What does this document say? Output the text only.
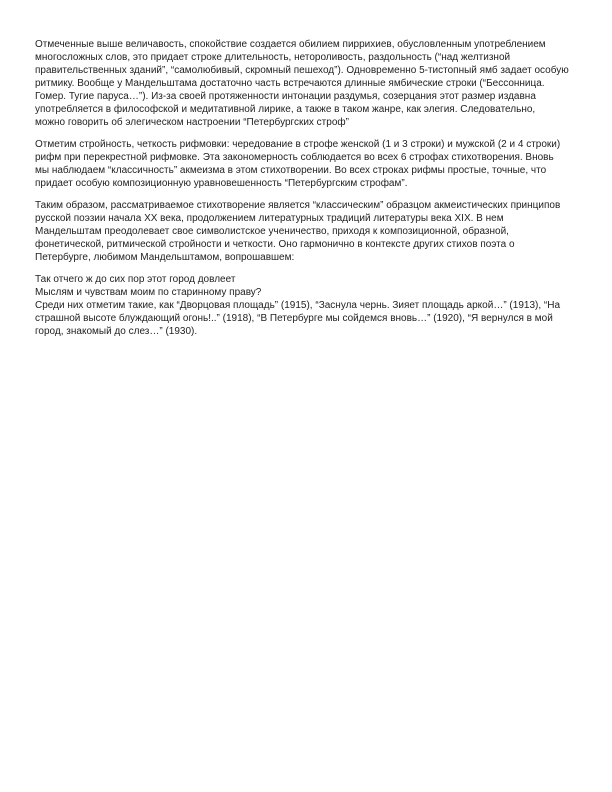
Отмеченные выше величавость, спокойствие создается обилием пиррихиев, обусловленным употреблением
многосложных слов, это придает строке длительность, нетороливость, раздольность (“над желтизной
правительственных зданий”, “самолюбивый, скромный пешеход”). Одновременно 5-тистопный ямб задает особую
ритмику. Вообще у Мандельштама достаточно часть встречаются длинные ямбические строки (“Бессонница.
Гомер. Тугие паруса…”). Из-за своей протяженности интонации раздумья, созерцания этот размер издавна
употребляется в философской и медитативной лирике, а также в таком жанре, как элегия. Следовательно,
можно говорить об элегическом настроении “Петербургских строф”
Отметим стройность, четкость рифмовки: чередование в строфе женской (1 и 3 строки) и мужской (2 и 4 строки)
рифм при перекрестной рифмовке. Эта закономерность соблюдается во всех 6 строфах стихотворения. Вновь
мы наблюдаем “классичность” акмеизма в этом стихотворении. Во всех строках рифмы простые, точные, что
придает особую композиционную уравновешенность “Петербургским строфам”.
Таким образом, рассматриваемое стихотворение является “классическим” образцом акмеистических принципов
русской поэзии начала XX века, продолжением литературных традиций литературы века XIX. В нем
Мандельштам преодолевает свое символистское ученичество, приходя к композиционной, образной,
фонетической, ритмической стройности и четкости. Оно гармонично в контексте других стихов поэта о
Петербурге, любимом Мандельштамом, вопрошавшем:
Так отчего ж до сих пор этот город довлеет
Мыслям и чувствам моим по старинному праву?
Среди них отметим такие, как “Дворцовая площадь” (1915), “Заснула чернь. Зияет площадь аркой…” (1913), “На
страшной высоте блуждающий огонь!..” (1918), “В Петербурге мы сойдемся вновь…” (1920), “Я вернулся в мой
город, знакомый до слез…” (1930).
